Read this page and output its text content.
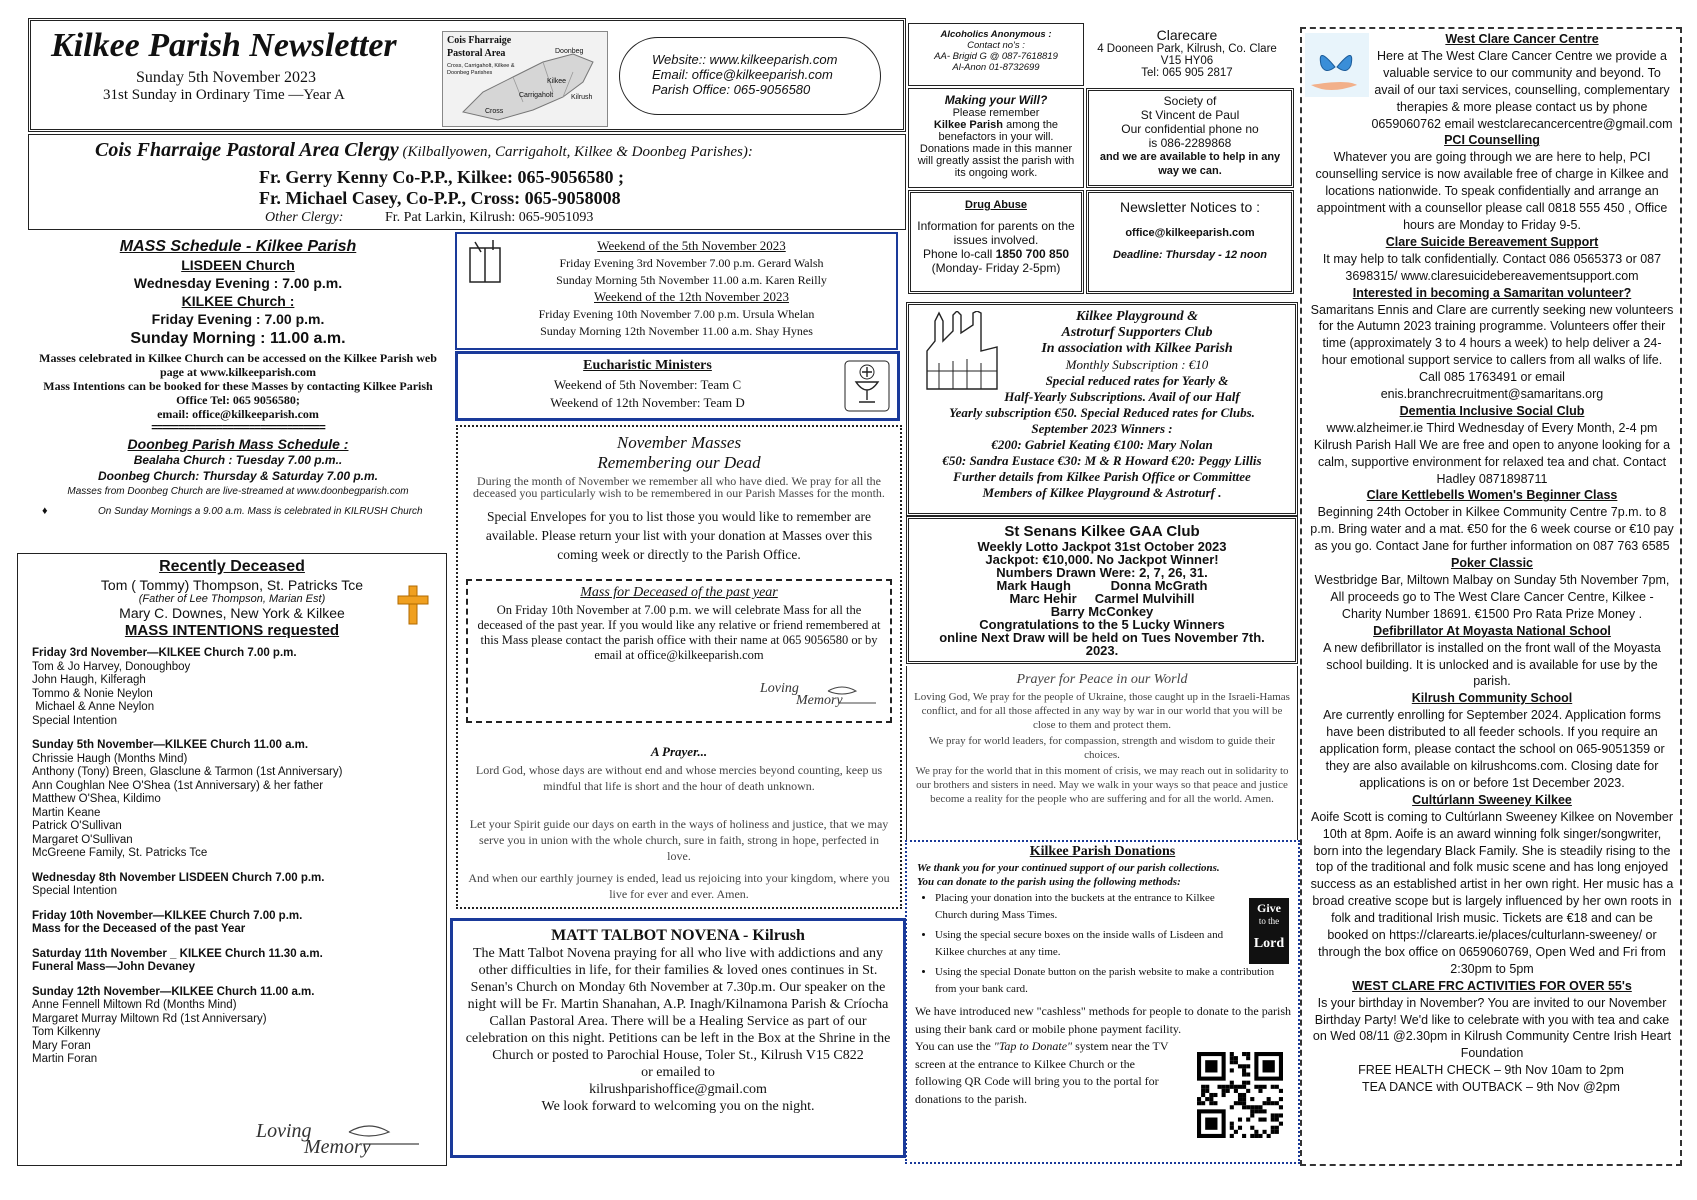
Kilkee Parish Newsletter
Sunday 5th November 2023
31st Sunday in Ordinary Time —Year A
Cois Fharraige
Pastoral Area
Cross, Carrigaholt, Kilkee & Doonbeg Parishes
Doonbeg
Kilkee
Kilrush
Carrigaholt
Cross
Website:: www.kilkeeparish.com
Email: office@kilkeeparish.com
Parish Office: 065-9056580
Cois Fharraige Pastoral Area Clergy (Kilballyowen, Carrigaholt, Kilkee & Doonbeg Parishes):
Fr. Gerry Kenny Co-P.P., Kilkee: 065-9056580 ;
Fr. Michael Casey, Co-P.P., Cross: 065-9058008
Other Clergy:	Fr. Pat Larkin, Kilrush: 065-9051093
MASS Schedule - Kilkee Parish
LISDEEN Church
Wednesday Evening : 7.00 p.m.
KILKEE Church :
Friday Evening : 7.00 p.m.
Sunday Morning : 11.00 a.m.
Masses celebrated in Kilkee Church can be accessed on the Kilkee Parish web page at www.kilkeeparish.com
Mass Intentions can be booked for these Masses by contacting Kilkee Parish Office Tel: 065 9056580;
email: office@kilkeeparish.com
================================
Doonbeg Parish Mass Schedule :
Bealaha Church : Tuesday 7.00 p.m..
Doonbeg Church: Thursday & Saturday 7.00 p.m.
Masses from Doonbeg Church are live-streamed at www.doonbegparish.com
♦	On Sunday Mornings a 9.00 a.m. Mass is celebrated in KILRUSH Church
Recently Deceased
Tom ( Tommy) Thompson, St. Patricks Tce
(Father of Lee Thompson, Marian Est)
Mary C. Downes, New York & Kilkee
MASS INTENTIONS requested
Friday 3rd November—KILKEE Church 7.00 p.m.
Tom & Jo Harvey, Donoughboy
John Haugh, Kilferagh
Tommo & Nonie Neylon
Michael & Anne Neylon
Special Intention
Sunday 5th November—KILKEE Church 11.00 a.m.
Chrissie Haugh (Months Mind)
Anthony (Tony) Breen, Glasclune & Tarmon (1st Anniversary)
Ann Coughlan Nee O'Shea (1st Anniversary) & her father
Matthew O'Shea, Kildimo
Martin Keane
Patrick O'Sullivan
Margaret O'Sullivan
McGreene Family, St. Patricks Tce
Wednesday 8th November LISDEEN Church 7.00 p.m.
Special Intention
Friday 10th November—KILKEE Church 7.00 p.m.
Mass for the Deceased of the past Year
Saturday 11th November _ KILKEE Church 11.30 a.m.
Funeral Mass—John Devaney
Sunday 12th November—KILKEE Church 11.00 a.m.
Anne Fennell Miltown Rd (Months Mind)
Margaret Murray Miltown Rd (1st Anniversary)
Tom Kilkenny
Mary Foran
Martin Foran
Loving
Memory
Weekend of the 5th November 2023
Friday Evening 3rd November 7.00 p.m. Gerard Walsh
Sunday Morning 5th November 11.00 a.m. Karen Reilly
Weekend of the 12th November 2023
Friday Evening 10th November 7.00 p.m. Ursula Whelan
Sunday Morning 12th November 11.00 a.m. Shay Hynes
Eucharistic Ministers
Weekend of 5th November: Team C
Weekend of 12th November: Team D
November Masses
Remembering our Dead
During the month of November we remember all who have died. We pray for all the deceased you particularly wish to be remembered in our Parish Masses for the month.
Special Envelopes for you to list those you would like to remember are available. Please return your list with your donation at Masses over this coming week or directly to the Parish Office.
Mass for Deceased of the past year
On Friday 10th November at 7.00 p.m. we will celebrate Mass for all the deceased of the past year. If you would like any relative or friend remembered at this Mass please contact the parish office with their name at 065 9056580 or by email at office@kilkeeparish.com
Loving
Memory
A Prayer...
Lord God, whose days are without end and whose mercies beyond counting, keep us mindful that life is short and the hour of death unknown.
Let your Spirit guide our days on earth in the ways of holiness and justice, that we may serve you in union with the whole church, sure in faith, strong in hope, perfected in love.
And when our earthly journey is ended, lead us rejoicing into your kingdom, where you live for ever and ever. Amen.
MATT TALBOT NOVENA - Kilrush
The Matt Talbot Novena praying for all who live with addictions and any other difficulties in life, for their families & loved ones continues in St. Senan's Church on Monday 6th November at 7.30p.m. Our speaker on the night will be Fr. Martin Shanahan, A.P. Inagh/Kilnamona Parish & Críocha Callan Pastoral Area. There will be a Healing Service as part of our celebration on this night. Petitions can be left in the Box at the Shrine in the Church or posted to Parochial House, Toler St., Kilrush V15 C822
or emailed to
kilrushparishoffice@gmail.com
We look forward to welcoming you on the night.
Alcoholics Anonymous :
Contact no's :
AA- Brigid G @ 087-7618819
Al-Anon 01-8732699
Clarecare
4 Dooneen Park, Kilrush, Co. Clare
V15 HY06
Tel: 065 905 2817
Making your Will?
Please remember
Kilkee Parish among the benefactors in your will. Donations made in this manner will greatly assist the parish with its ongoing work.
Society of
St Vincent de Paul
Our confidential phone no
is 086-2289868
and we are available to help in any way we can.
Drug Abuse
Information for parents on the issues involved.
Phone lo-call 1850 700 850
(Monday- Friday 2-5pm)
Newsletter Notices to :
office@kilkeeparish.com
Deadline: Thursday - 12 noon
Kilkee Playground &
Astroturf Supporters Club
In association with Kilkee Parish
Monthly Subscription : €10
Special reduced rates for Yearly &
Half-Yearly Subscriptions. Avail of our Half
Yearly subscription €50. Special Reduced rates for Clubs.
September 2023 Winners :
€200: Gabriel Keating €100: Mary Nolan
€50: Sandra Eustace €30: M & R Howard €20: Peggy Lillis
Further details from Kilkee Parish Office or Committee
Members of Kilkee Playground & Astroturf .
St Senans Kilkee GAA Club
Weekly Lotto Jackpot 31st October 2023
Jackpot: €10,000. No Jackpot Winner!
Numbers Drawn Were: 2, 7, 26, 31.
Mark Haugh           Donna McGrath
Marc Hehir     Carmel Mulvihill
Barry McConkey
Congratulations to the 5 Lucky Winners
online Next Draw will be held on Tues November 7th.
2023.
Prayer for Peace in our World
Loving God, We pray for the people of Ukraine, those caught up in the Israeli-Hamas conflict, and for all those affected in any way by war in our world that you will be close to them and protect them.
We pray for world leaders, for compassion, strength and wisdom to guide their choices.
We pray for the world that in this moment of crisis, we may reach out in solidarity to our brothers and sisters in need. May we walk in your ways so that peace and justice become a reality for the people who are suffering and for all the world. Amen.
Kilkee Parish Donations
We thank you for your continued support of our parish collections.
You can donate to the parish using the following methods:
• Placing your donation into the buckets at the entrance to Kilkee Church during Mass Times.
• Using the special secure boxes on the inside walls of Lisdeen and Kilkee churches at any time.
• Using the special Donate button on the parish website to make a contribution from your bank card.
Give
to the
Lord
We have introduced new "cashless" methods for people to donate to the parish using their bank card or mobile phone payment facility.
You can use the "Tap to Donate" system near the TV screen at the entrance to Kilkee Church or the following QR Code will bring you to the portal for donations to the parish.
West Clare Cancer Centre
Here at The West Clare Cancer Centre we provide a valuable service to our community and beyond. To avail of our taxi services, counselling, complementary therapies & more please contact us by phone 0659060762 email westclarecancercentre@gmail.com
PCI Counselling
Whatever you are going through we are here to help, PCI counselling service is now available free of charge in Kilkee and locations nationwide. To speak confidentially and arrange an appointment with a counsellor please call 0818 555 450 , Office hours are Monday to Friday 9-5.
Clare Suicide Bereavement Support
It may help to talk confidentially. Contact 086 0565373 or 087 3698315/ www.claresuicidebereavementsupport.com
Interested in becoming a Samaritan volunteer?
Samaritans Ennis and Clare are currently seeking new volunteers for the Autumn 2023 training programme. Volunteers offer their time (approximately 3 to 4 hours a week) to help deliver a 24-hour emotional support service to callers from all walks of life. Call 085 1763491 or email enis.branchrecruitment@samaritans.org
Dementia Inclusive Social Club
www.alzheimer.ie Third Wednesday of Every Month, 2-4 pm Kilrush Parish Hall We are free and open to anyone looking for a calm, supportive environment for relaxed tea and chat. Contact Hadley 0871898711
Clare Kettlebells Women's Beginner Class
Beginning 24th October in Kilkee Community Centre 7p.m. to 8 p.m. Bring water and a mat. €50 for the 6 week course or €10 pay as you go. Contact Jane for further information on 087 763 6585
Poker Classic
Westbridge Bar, Miltown Malbay on Sunday 5th November 7pm, All proceeds go to The West Clare Cancer Centre, Kilkee - Charity Number 18691. €1500 Pro Rata Prize Money .
Defibrillator At Moyasta National School
A new defibrillator is installed on the front wall of the Moyasta school building. It is unlocked and is available for use by the parish.
Kilrush Community School
Are currently enrolling for September 2024. Application forms have been distributed to all feeder schools. If you require an application form, please contact the school on 065-9051359 or they are also available on kilrushcoms.com. Closing date for applications is on or before 1st December 2023.
Cultúrlann Sweeney Kilkee
Aoife Scott is coming to Cultúrlann Sweeney Kilkee on November 10th at 8pm. Aoife is an award winning folk singer/songwriter, born into the legendary Black Family. She is steadily rising to the top of the traditional and folk music scene and has long enjoyed success as an established artist in her own right. Her music has a broad creative scope but is largely influenced by her own roots in folk and traditional Irish music. Tickets are €18 and can be booked on https://clarearts.ie/places/culturlann-sweeney/ or through the box office on 0659060769, Open Wed and Fri from 2:30pm to 5pm
WEST CLARE FRC ACTIVITIES FOR OVER 55's
Is your birthday in November? You are invited to our November Birthday Party! We'd like to celebrate with you with tea and cake on Wed 08/11 @2.30pm in Kilrush Community Centre Irish Heart Foundation
FREE HEALTH CHECK – 9th Nov 10am to 2pm
TEA DANCE with OUTBACK – 9th Nov @2pm
